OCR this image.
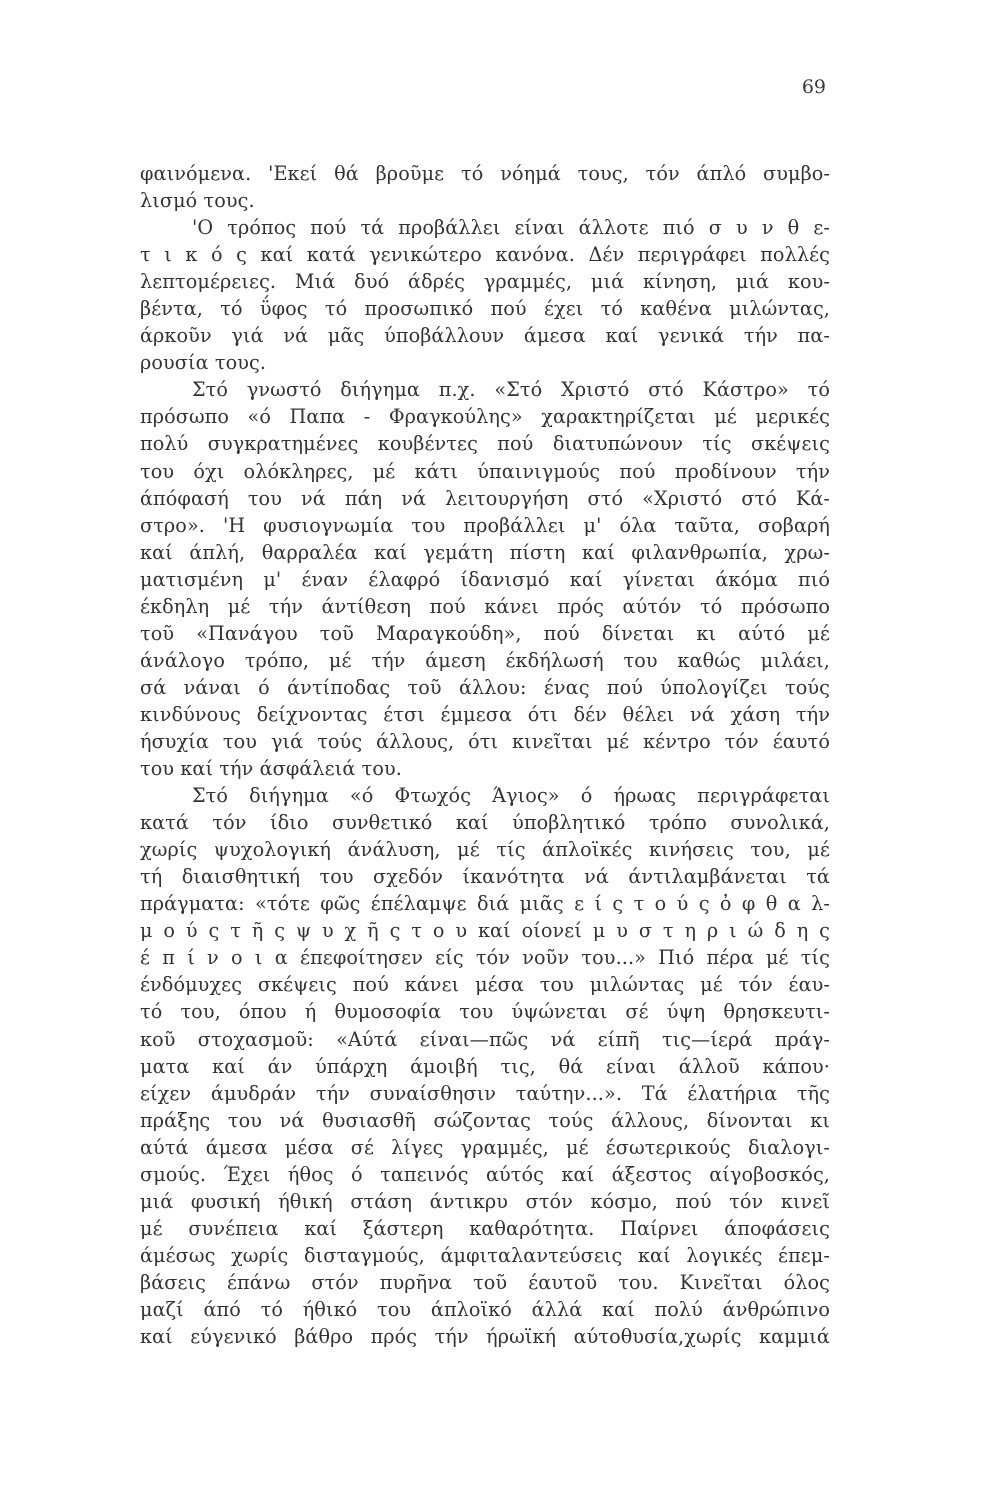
69
φαινόμενα. 'Εκεί θά βροῦμε τό νόημά τους, τόν άπλό συμβο-
λισμό τους.
'Ο τρόπος πού τά προβάλλει είναι άλλοτε πιό σ υ ν θ ε-
τ ι κ ό ς καί κατά γενικώτερο κανόνα. Δέν περιγράφει πολλές
λεπτομέρειες. Μιά δυό άδρές γραμμές, μιά κίνηση, μιά κου-
βέντα, τό ΰφος τό προσωπικό πού έχει τό καθένα μιλώντας,
άρκοῦν γιά νά μᾶς ύποβάλλουν άμεσα καί γενικά τήν πα-
ρουσία τους.
Στό γνωστό διήγημα π.χ. «Στό Χριστό στό Κάστρο» τό
πρόσωπο «ό Παπα - Φραγκούλης» χαρακτηρίζεται μέ μερικές
πολύ συγκρατημένες κουβέντες πού διατυπώνουν τίς σκέψεις
του όχι ολόκληρες, μέ κάτι ύπαινιγμούς πού προδίνουν τήν
άπόφασή του νά πάη νά λειτουργήση στό «Χριστό στό Κά-
στρο». 'Η φυσιογνωμία του προβάλλει μ' όλα ταῦτα, σοβαρή
καί άπλή, θαρραλέα καί γεμάτη πίστη καί φιλανθρωπία, χρω-
ματισμένη μ' έναν έλαφρό ίδανισμό καί γίνεται άκόμα πιό
έκδηλη μέ τήν άντίθεση πού κάνει πρός αύτόν τό πρόσωπο
τοῦ «Πανάγου τοῦ Μαραγκούδη», πού δίνεται κι αύτό μέ
άνάλογο τρόπο, μέ τήν άμεση έκδήλωσή του καθώς μιλάει,
σά νάναι ό άντίποδας τοῦ άλλου: ένας πού ύπολογίζει τούς
κινδύνους δείχνοντας έτσι έμμεσα ότι δέν θέλει νά χάση τήν
ήσυχία του γιά τούς άλλους, ότι κινεῖται μέ κέντρο τόν έαυτό
του καί τήν άσφάλειά του.
Στό διήγημα «ό Φτωχός Άγιος» ό ήρωας περιγράφεται
κατά τόν ίδιο συνθετικό καί ύποβλητικό τρόπο συνολικά,
χωρίς ψυχολογική άνάλυση, μέ τίς άπλοϊκές κινήσεις του, μέ
τή διαισθητική του σχεδόν ίκανότητα νά άντιλαμβάνεται τά
πράγματα: «τότε φῶς έπέλαμψε διά μιᾶς ε ί ς τ ο ύ ς ὀ φ θ α λ-
μ ο ύ ς τ ῆ ς ψ υ χ ῆ ς τ ο υ καί οίονεί μ υ σ τ η ρ ι ώ δ η ς
έ π ί ν ο ι α έπεφοίτησεν είς τόν νοῦν του...» Πιό πέρα μέ τίς
ένδόμυχες σκέψεις πού κάνει μέσα του μιλώντας μέ τόν έαυ-
τό του, όπου ή θυμοσοφία του ύψώνεται σέ ύψη θρησκευτι-
κοῦ στοχασμοῦ: «Αύτά είναι—πῶς νά είπῆ τις—ίερά πράγ-
ματα καί άν ύπάρχη άμοιβή τις, θά είναι άλλοῦ κάπου·
είχεν άμυδράν τήν συναίσθησιν ταύτην...». Τά έλατήρια τῆς
πράξης του νά θυσιασθῆ σώζοντας τούς άλλους, δίνονται κι
αύτά άμεσα μέσα σέ λίγες γραμμές, μέ έσωτερικούς διαλογι-
σμούς. Έχει ήθος ό ταπεινός αύτός καί άξεστος αίγοβοσκός,
μιά φυσική ήθική στάση άντικρυ στόν κόσμο, πού τόν κινεῖ
μέ συνέπεια καί ξάστερη καθαρότητα. Παίρνει άποφάσεις
άμέσως χωρίς δισταγμούς, άμφιταλαντεύσεις καί λογικές έπεμ-
βάσεις έπάνω στόν πυρῆνα τοῦ έαυτοῦ του. Κινεῖται όλος
μαζί άπό τό ήθικό του άπλοϊκό άλλά καί πολύ άνθρώπινο
καί εύγενικό βάθρο πρός τήν ήρωϊκή αύτοθυσία,χωρίς καμμιά
